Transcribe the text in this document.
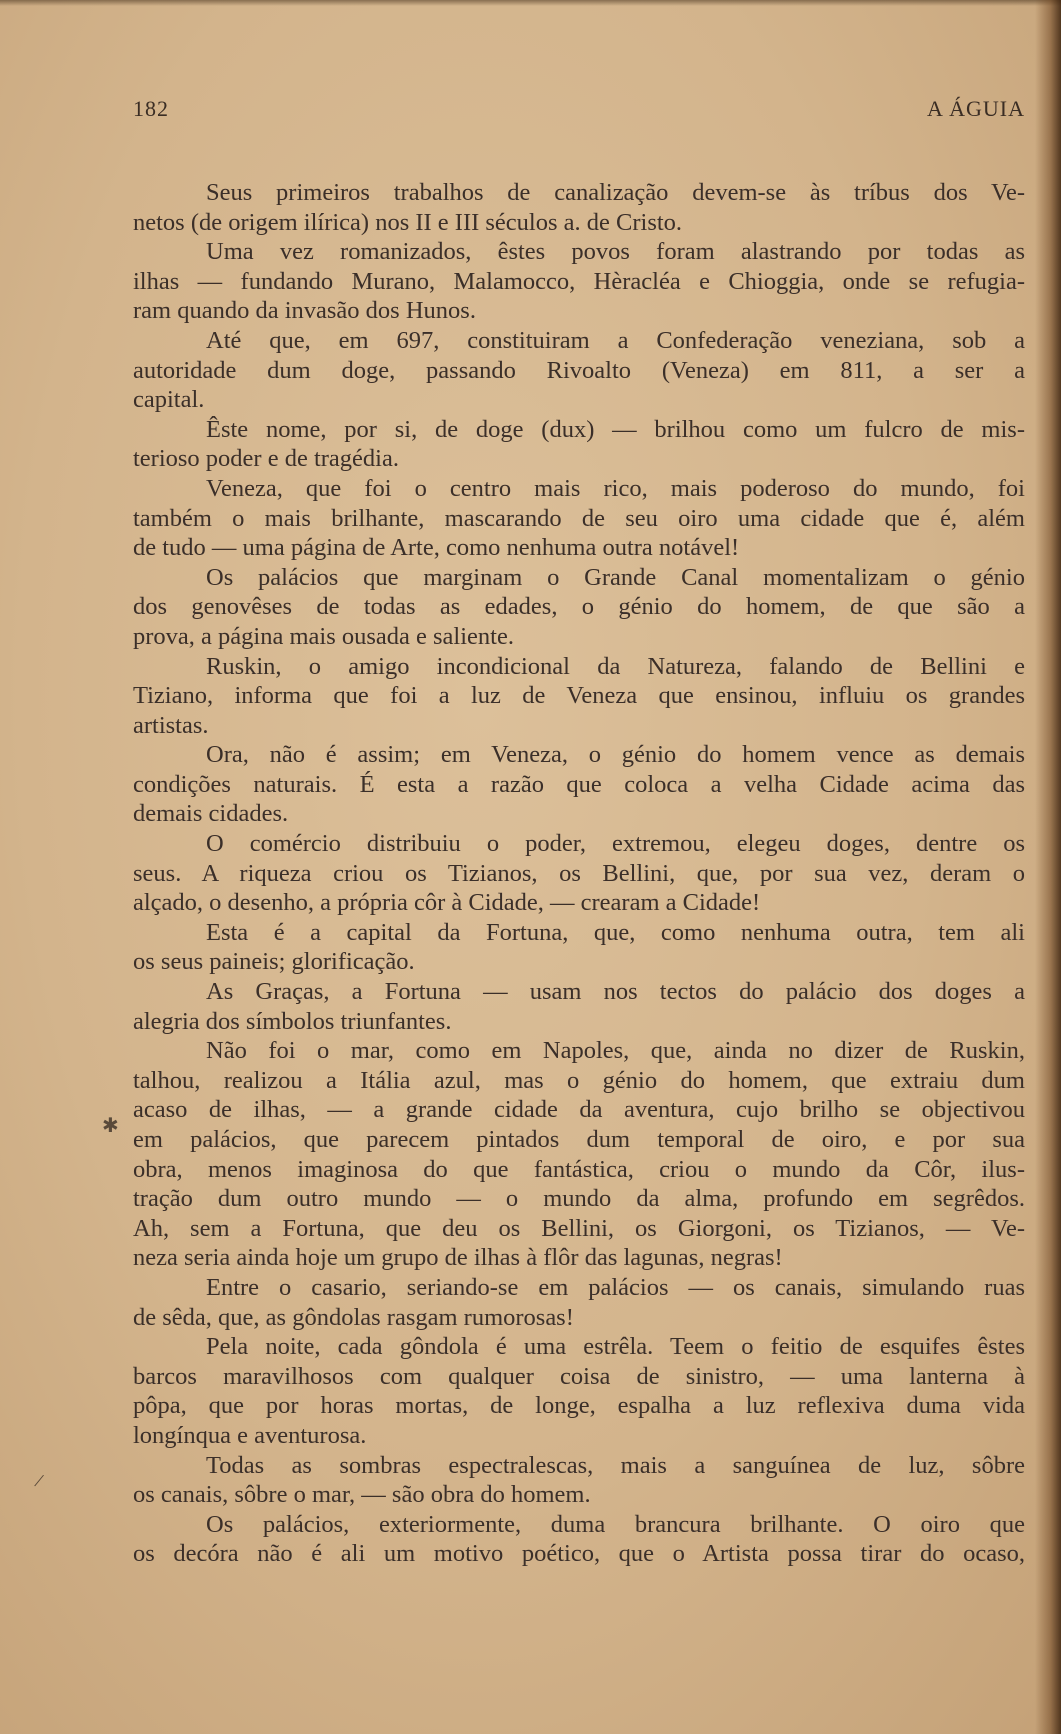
182	A ÁGUIA
Seus primeiros trabalhos de canalização devem-se às tríbus dos Ve-
netos (de origem ilírica) nos II e III séculos a. de Cristo.
Uma vez romanizados, êstes povos foram alastrando por todas as
ilhas — fundando Murano, Malamocco, Hèracléa e Chioggia, onde se refugia-
ram quando da invasão dos Hunos.
Até que, em 697, constituiram a Confederação veneziana, sob a
autoridade dum doge, passando Rivoalto (Veneza) em 811, a ser a
capital.
Êste nome, por si, de doge (dux) — brilhou como um fulcro de mis-
terioso poder e de tragédia.
Veneza, que foi o centro mais rico, mais poderoso do mundo, foi
também o mais brilhante, mascarando de seu oiro uma cidade que é, além
de tudo — uma página de Arte, como nenhuma outra notável!
Os palácios que marginam o Grande Canal momentalizam o génio
dos genovêses de todas as edades, o génio do homem, de que são a
prova, a página mais ousada e saliente.
Ruskin, o amigo incondicional da Natureza, falando de Bellini e
Tiziano, informa que foi a luz de Veneza que ensinou, influiu os grandes
artistas.
Ora, não é assim; em Veneza, o génio do homem vence as demais
condições naturais. É esta a razão que coloca a velha Cidade acima das
demais cidades.
O comércio distribuiu o poder, extremou, elegeu doges, dentre os
seus. A riqueza criou os Tizianos, os Bellini, que, por sua vez, deram o
alçado, o desenho, a própria côr à Cidade, — crearam a Cidade!
Esta é a capital da Fortuna, que, como nenhuma outra, tem ali
os seus paineis; glorificação.
As Graças, a Fortuna — usam nos tectos do palácio dos doges a
alegria dos símbolos triunfantes.
Não foi o mar, como em Napoles, que, ainda no dizer de Ruskin,
talhou, realizou a Itália azul, mas o génio do homem, que extraiu dum
acaso de ilhas, — a grande cidade da aventura, cujo brilho se objectivou
em palácios, que parecem pintados dum temporal de oiro, e por sua
obra, menos imaginosa do que fantástica, criou o mundo da Côr, ilus-
tração dum outro mundo — o mundo da alma, profundo em segrêdos.
Ah, sem a Fortuna, que deu os Bellini, os Giorgoni, os Tizianos, — Ve-
neza seria ainda hoje um grupo de ilhas à flôr das lagunas, negras!
Entre o casario, seriando-se em palácios — os canais, simulando ruas
de sêda, que, as gôndolas rasgam rumorosas!
Pela noite, cada gôndola é uma estrêla. Teem o feitio de esquifes êstes
barcos maravilhosos com qualquer coisa de sinistro, — uma lanterna à
pôpa, que por horas mortas, de longe, espalha a luz reflexiva duma vida
longínqua e aventurosa.
Todas as sombras espectralescas, mais a sanguínea de luz, sôbre
os canais, sôbre o mar, — são obra do homem.
Os palácios, exteriormente, duma brancura brilhante. O oiro que
os decóra não é ali um motivo poético, que o Artista possa tirar do ocaso,
✱
/
